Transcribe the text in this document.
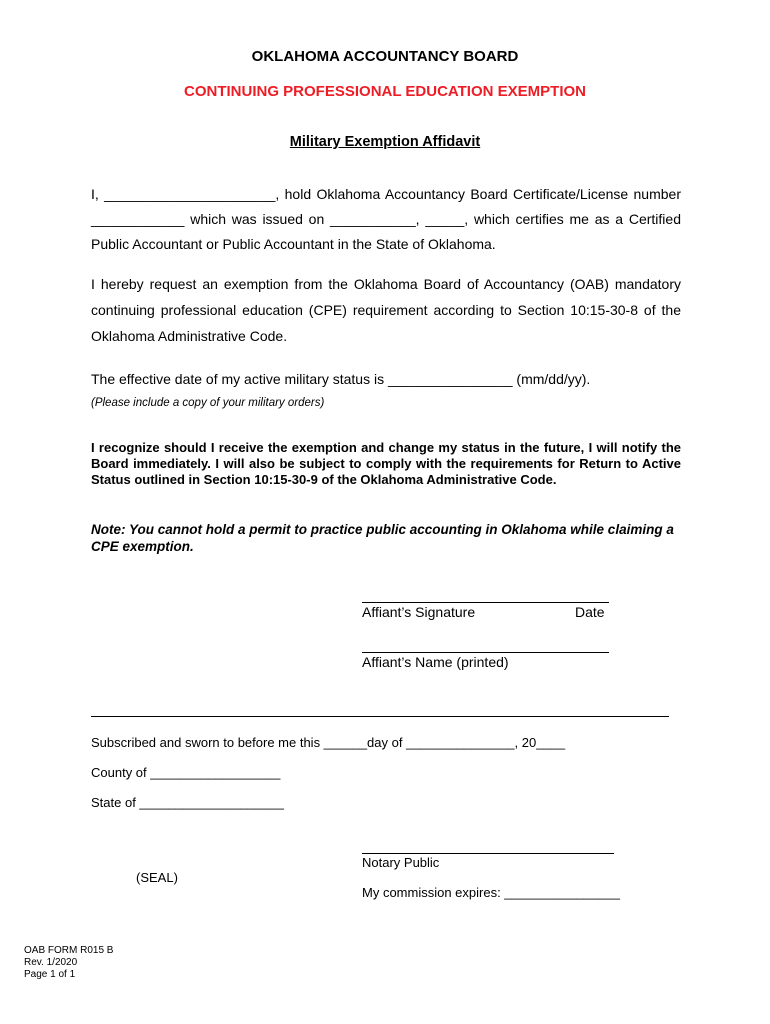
OKLAHOMA ACCOUNTANCY BOARD
CONTINUING PROFESSIONAL EDUCATION EXEMPTION
Military Exemption Affidavit
I, ______________________, hold Oklahoma Accountancy Board Certificate/License number ____________ which was issued on ___________, _____, which certifies me as a Certified Public Accountant or Public Accountant in the State of Oklahoma.
I hereby request an exemption from the Oklahoma Board of Accountancy (OAB) mandatory continuing professional education (CPE) requirement according to Section 10:15-30-8 of the Oklahoma Administrative Code.
The effective date of my active military status is ________________ (mm/dd/yy).
(Please include a copy of your military orders)
I recognize should I receive the exemption and change my status in the future, I will notify the Board immediately. I will also be subject to comply with the requirements for Return to Active Status outlined in Section 10:15-30-9 of the Oklahoma Administrative Code.
Note: You cannot hold a permit to practice public accounting in Oklahoma while claiming a CPE exemption.
Affiant’s Signature	Date
Affiant’s Name (printed)
Subscribed and sworn to before me this ______day of _______________, 20____
County of __________________
State of ____________________
Notary Public
(SEAL)
My commission expires: ________________
OAB FORM R015 B
Rev. 1/2020
Page 1 of 1
